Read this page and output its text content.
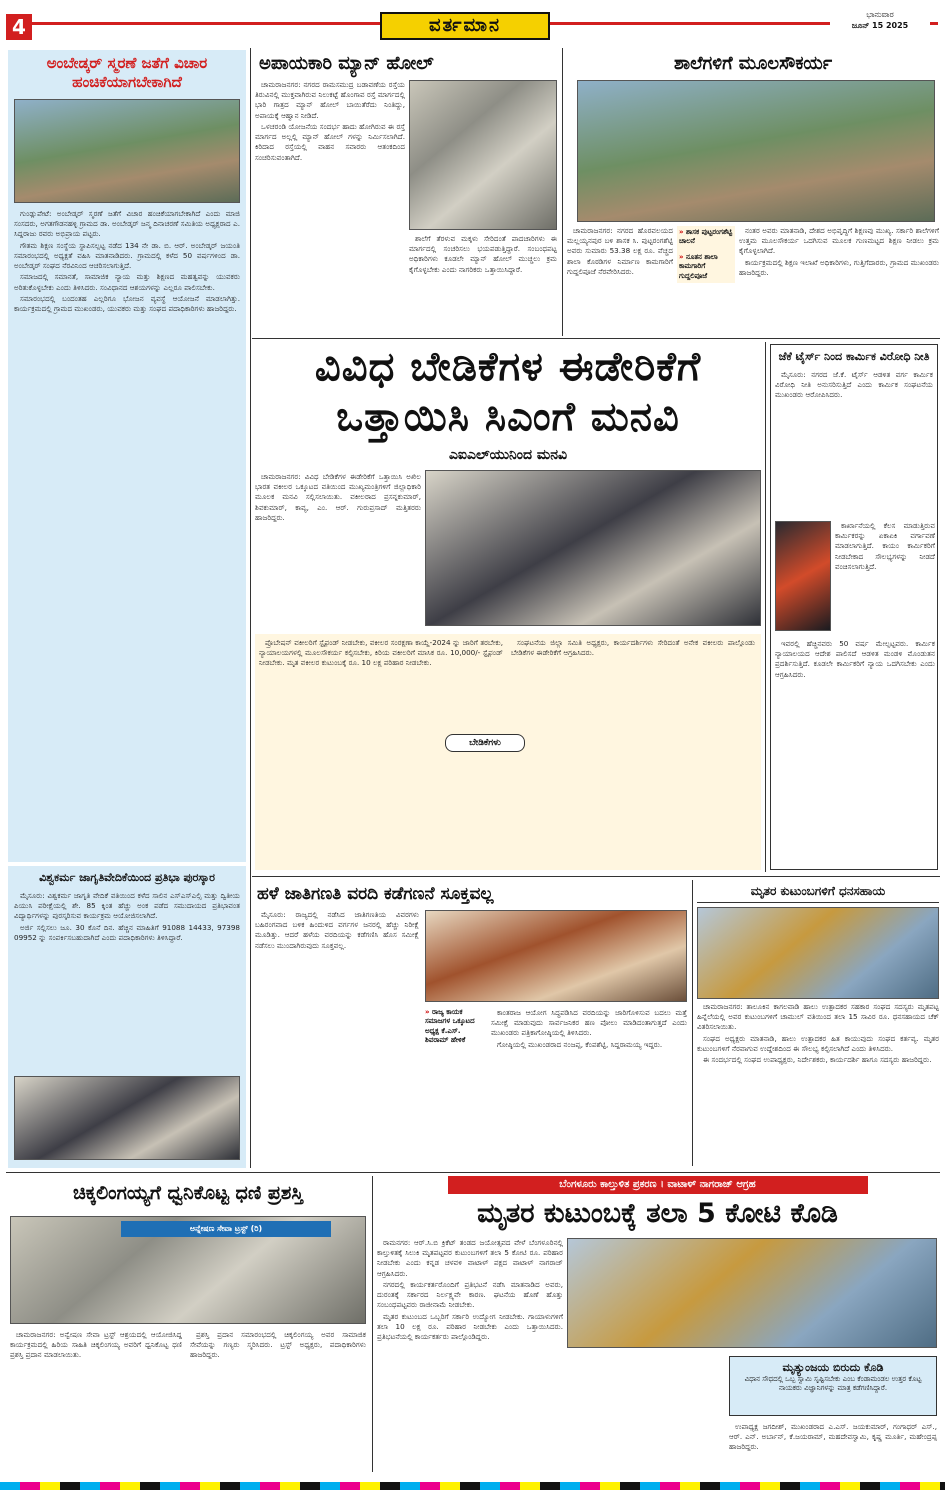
4	ವರ್ತಮಾನ
ಭಾನುವಾರ
ಜೂನ್ 15 2025
ಅಂಬೇಡ್ಕರ್ ಸ್ಮರಣೆ ಜತೆಗೆ ವಿಚಾರ ಹಂಚಿಕೆಯಾಗಬೇಕಾಗಿದೆ

ಗುಂಡ್ಲುಪೇಟೆ: ಅಂಬೇಡ್ಕರ್ ಸ್ಮರಣೆ ಜತೆಗೆ ವಿಚಾರ ಹಂಚಿಕೆಯಾಗಬೇಕಾಗಿದೆ ಎಂದು ಮಾಜಿ ಸಂಸದರು, ಅಗತಗೌಡನಹಳ್ಳಿ ಗ್ರಾಮದ ಡಾ. ಅಂಬೇಡ್ಕರ್ ಜನ್ಮ ದಿನಾಚರಣೆ ಸಮಿತಿಯ ಅಧ್ಯಕ್ಷರಾದ ಎ. ಸಿದ್ದರಾಜು ರವರು ಅಭಿಪ್ರಾಯ ಪಟ್ಟರು.

ಗೌತಮ ಶಿಕ್ಷಣ ಸಂಸ್ಥೆಯ ಸ್ಥಾಪಿಸಲ್ಪಟ್ಟ ನಡೆದ 134 ನೇ ಡಾ. ಬಿ. ಆರ್. ಅಂಬೇಡ್ಕರ್ ಜಯಂತಿ ಸಮಾರಂಭದಲ್ಲಿ ಅಧ್ಯಕ್ಷತೆ ವಹಿಸಿ ಮಾತನಾಡಿದರು. ಗ್ರಾಮದಲ್ಲಿ ಕಳೆದ 50 ವರ್ಷಗಳಿಂದ ಡಾ. ಅಂಬೇಡ್ಕರ್ ಸಂಘದ ನೆರವಿನಿಂದ ಆಚರಿಸಲಾಗುತ್ತಿದೆ.

ಸಮಾಜದಲ್ಲಿ ಸಮಾನತೆ, ಸಾಮಾಜಿಕ ನ್ಯಾಯ ಮತ್ತು ಶಿಕ್ಷಣದ ಮಹತ್ವವನ್ನು ಯುವಕರು ಅರಿತುಕೊಳ್ಳಬೇಕು ಎಂದು ತಿಳಿಸಿದರು. ಸಂವಿಧಾನದ ಆಶಯಗಳನ್ನು ಎಲ್ಲರೂ ಪಾಲಿಸಬೇಕು.

ಸಮಾರಂಭದಲ್ಲಿ ಬಂದಂತಹ ಎಲ್ಲರಿಗೂ ಭೋಜನ ವ್ಯವಸ್ಥೆ ಆಯೋಜನೆ ಮಾಡಲಾಗಿತ್ತು. ಕಾರ್ಯಕ್ರಮದಲ್ಲಿ ಗ್ರಾಮದ ಮುಖಂಡರು, ಯುವಕರು ಮತ್ತು ಸಂಘದ ಪದಾಧಿಕಾರಿಗಳು ಹಾಜರಿದ್ದರು.

ವಿಶ್ವಕರ್ಮ ಜಾಗೃತಿವೇದಿಕೆಯಿಂದ ಪ್ರತಿಭಾ ಪುರಸ್ಕಾರ

ಮೈಸೂರು: ವಿಶ್ವಕರ್ಮ ಜಾಗೃತಿ ವೇದಿಕೆ ವತಿಯಿಂದ ಕಳೆದ ಸಾಲಿನ ಎಸ್ಎಸ್ಎಲ್ಸಿ ಮತ್ತು ದ್ವಿತೀಯ ಪಿಯುಸಿ ಪರೀಕ್ಷೆಯಲ್ಲಿ ಶೇ. 85 ಕ್ಕಿಂತ ಹೆಚ್ಚು ಅಂಕ ಪಡೆದ ಸಮುದಾಯದ ಪ್ರತಿಭಾವಂತ ವಿದ್ಯಾರ್ಥಿಗಳನ್ನು ಪುರಸ್ಕರಿಸುವ ಕಾರ್ಯಕ್ರಮ ಆಯೋಜಿಸಲಾಗಿದೆ.

ಅರ್ಜಿ ಸಲ್ಲಿಸಲು ಜೂ. 30 ಕೊನೆ ದಿನ. ಹೆಚ್ಚಿನ ಮಾಹಿತಿಗೆ 91088 14433, 97398 09952 ನ್ನು ಸಂಪರ್ಕಿಸಬಹುದಾಗಿದೆ ಎಂದು ಪದಾಧಿಕಾರಿಗಳು ತಿಳಿಸಿದ್ದಾರೆ.

ಅಪಾಯಕಾರಿ ಮ್ಯಾನ್ ಹೋಲ್

ಚಾಮರಾಜನಗರ: ನಗರದ ರಾಮಸಮುದ್ರ ಬಡಾವಣೆಯ ರಸ್ತೆಯ ತಿರುವಿನಲ್ಲಿ ಮುಕ್ತವಾಗಿರುವ ನಿಲುಕಟ್ಟೆ ಹೊಂಗಾವ ರಸ್ತೆ ಮಾರ್ಗದಲ್ಲಿ ಭಾರಿ ಗಾತ್ರದ ಮ್ಯಾನ್ ಹೋಲ್ ಬಾಯಿತೆರೆದು ನಿಂತಿದ್ದು, ಅಪಾಯಕ್ಕೆ ಆಹ್ವಾನ ನೀಡಿದೆ.

ಒಳಚರಂಡಿ ಯೋಜನೆಯ ಸಂದರ್ಭ ಹಾದು ಹೋಗಿರುವ ಈ ರಸ್ತೆ ಮಾರ್ಗದ ಅಲ್ಲಲ್ಲಿ ಮ್ಯಾನ್ ಹೋಲ್ ಗಳನ್ನು ನಿರ್ಮಿಸಲಾಗಿದೆ. ಕಿರಿದಾದ ರಸ್ತೆಯಲ್ಲಿ ವಾಹನ ಸವಾರರು ಆತಂಕದಿಂದ ಸಂಚರಿಸುವಂತಾಗಿದೆ.

ಶಾಲೆಗೆ ತೆರಳುವ ಮಕ್ಕಳು ಸೇರಿದಂತೆ ಪಾದಚಾರಿಗಳು ಈ ಮಾರ್ಗದಲ್ಲಿ ಸಂಚರಿಸಲು ಭಯಪಡುತ್ತಿದ್ದಾರೆ. ಸಂಬಂಧಪಟ್ಟ ಅಧಿಕಾರಿಗಳು ಕೂಡಲೇ ಮ್ಯಾನ್ ಹೋಲ್ ಮುಚ್ಚಲು ಕ್ರಮ ಕೈಗೊಳ್ಳಬೇಕು ಎಂದು ನಾಗರಿಕರು ಒತ್ತಾಯಿಸಿದ್ದಾರೆ.

ಶಾಲೆಗಳಿಗೆ ಮೂಲಸೌಕರ್ಯ

ಚಾಮರಾಜನಗರ: ನಗರದ ಹೊರವಲಯದ ಮಲ್ಲಯ್ಯನಪುರ ಬಳಿ ಶಾಸಕ ಸಿ. ಪುಟ್ಟರಂಗಶೆಟ್ಟಿ ಅವರು ಸುಮಾರು 53.38 ಲಕ್ಷ ರೂ. ವೆಚ್ಚದ ಶಾಲಾ ಕೊಠಡಿಗಳ ನಿರ್ಮಾಣ ಕಾಮಗಾರಿಗೆ ಗುದ್ದಲಿಪೂಜೆ ನೆರವೇರಿಸಿದರು.

» ಶಾಸಕ ಪುಟ್ಟರಂಗಶೆಟ್ಟಿ ಚಾಲನೆ
» ನೂತನ ಶಾಲಾ ಕಾಮಗಾರಿಗೆ ಗುದ್ದಲಿಪೂಜೆ

ನಂತರ ಅವರು ಮಾತನಾಡಿ, ದೇಶದ ಅಭಿವೃದ್ಧಿಗೆ ಶಿಕ್ಷಣವು ಮುಖ್ಯ. ಸರ್ಕಾರಿ ಶಾಲೆಗಳಿಗೆ ಉತ್ತಮ ಮೂಲಸೌಕರ್ಯ ಒದಗಿಸುವ ಮೂಲಕ ಗುಣಮಟ್ಟದ ಶಿಕ್ಷಣ ನೀಡಲು ಕ್ರಮ ಕೈಗೊಳ್ಳಲಾಗಿದೆ.

ಕಾರ್ಯಕ್ರಮದಲ್ಲಿ ಶಿಕ್ಷಣ ಇಲಾಖೆ ಅಧಿಕಾರಿಗಳು, ಗುತ್ತಿಗೆದಾರರು, ಗ್ರಾಮದ ಮುಖಂಡರು ಹಾಜರಿದ್ದರು.

ವಿವಿಧ ಬೇಡಿಕೆಗಳ ಈಡೇರಿಕೆಗೆ
ಒತ್ತಾಯಿಸಿ ಸಿಎಂಗೆ ಮನವಿ
ಎಐಎಲ್‌ಯುನಿಂದ ಮನವಿ

ಚಾಮರಾಜನಗರ: ವಿವಿಧ ಬೇಡಿಕೆಗಳ ಈಡೇರಿಕೆಗೆ ಒತ್ತಾಯಿಸಿ ಅಖಿಲ ಭಾರತ ವಕೀಲರ ಒಕ್ಕೂಟದ ವತಿಯಿಂದ ಮುಖ್ಯಮಂತ್ರಿಗಳಿಗೆ ಜಿಲ್ಲಾಧಿಕಾರಿ ಮೂಲಕ ಮನವಿ ಸಲ್ಲಿಸಲಾಯಿತು. ವಕೀಲರಾದ ಪ್ರಸನ್ನಕುಮಾರ್, ಶಿವಕುಮಾರ್, ಕಾವ್ಯ, ಎಂ. ಆರ್. ಗುರುಪ್ರಸಾದ್ ಮತ್ತಿತರರು ಹಾಜರಿದ್ದರು.

ಪ್ರೊಬೇಷನ್ ವಕೀಲರಿಗೆ ಸ್ಟೈಫಂಡ್ ನೀಡಬೇಕು, ವಕೀಲರ ಸಂರಕ್ಷಣಾ ಕಾಯ್ದೆ-2024 ನ್ನು ಜಾರಿಗೆ ತರಬೇಕು, ನ್ಯಾಯಾಲಯಗಳಲ್ಲಿ ಮೂಲಸೌಕರ್ಯ ಕಲ್ಪಿಸಬೇಕು, ಕಿರಿಯ ವಕೀಲರಿಗೆ ಮಾಸಿಕ ರೂ. 10,000/- ಸ್ಟೈಫಂಡ್ ನೀಡಬೇಕು. ಮೃತ ವಕೀಲರ ಕುಟುಂಬಕ್ಕೆ ರೂ. 10 ಲಕ್ಷ ಪರಿಹಾರ ನೀಡಬೇಕು.

ಬೇಡಿಕೆಗಳು

ಸಂಘಟನೆಯ ಜಿಲ್ಲಾ ಸಮಿತಿ ಅಧ್ಯಕ್ಷರು, ಕಾರ್ಯದರ್ಶಿಗಳು ಸೇರಿದಂತೆ ಅನೇಕ ವಕೀಲರು ಪಾಲ್ಗೊಂಡು ಬೇಡಿಕೆಗಳ ಈಡೇರಿಕೆಗೆ ಆಗ್ರಹಿಸಿದರು.

ಜೆಕೆ ಟೈರ್ಸ್ ನಿಂದ ಕಾರ್ಮಿಕ ವಿರೋಧಿ ನೀತಿ

ಮೈಸೂರು: ನಗರದ ಜೆ.ಕೆ. ಟೈರ್ಸ್ ಆಡಳಿತ ವರ್ಗ ಕಾರ್ಮಿಕ ವಿರೋಧಿ ನೀತಿ ಅನುಸರಿಸುತ್ತಿದೆ ಎಂದು ಕಾರ್ಮಿಕ ಸಂಘಟನೆಯ ಮುಖಂಡರು ಆರೋಪಿಸಿದರು.

ಕಾರ್ಖಾನೆಯಲ್ಲಿ ಕೆಲಸ ಮಾಡುತ್ತಿರುವ ಕಾರ್ಮಿಕರನ್ನು ಏಕಾಏಕಿ ವರ್ಗಾವಣೆ ಮಾಡಲಾಗುತ್ತಿದೆ. ಕಾಯಂ ಕಾರ್ಮಿಕರಿಗೆ ನೀಡಬೇಕಾದ ಸೌಲಭ್ಯಗಳನ್ನು ನೀಡದೆ ವಂಚಿಸಲಾಗುತ್ತಿದೆ.

ಇವರಲ್ಲಿ ಹೆಚ್ಚಿನವರು 50 ವರ್ಷ ಮೇಲ್ಪಟ್ಟವರು. ಕಾರ್ಮಿಕ ನ್ಯಾಯಾಲಯದ ಆದೇಶ ಪಾಲಿಸದೆ ಆಡಳಿತ ಮಂಡಳಿ ಮೊಂಡುತನ ಪ್ರದರ್ಶಿಸುತ್ತಿದೆ. ಕೂಡಲೇ ಕಾರ್ಮಿಕರಿಗೆ ನ್ಯಾಯ ಒದಗಿಸಬೇಕು ಎಂದು ಆಗ್ರಹಿಸಿದರು.

ಹಳೆ ಜಾತಿಗಣತಿ ವರದಿ ಕಡೆಗಣನೆ ಸೂಕ್ತವಲ್ಲ

ಮೈಸೂರು: ರಾಜ್ಯದಲ್ಲಿ ನಡೆಸಿದ ಜಾತಿಗಣತಿಯ ವಿವರಗಳು ಬಹಿರಂಗವಾದ ಬಳಿಕ ಹಿಂದುಳಿದ ವರ್ಗಗಳ ಜನರಲ್ಲಿ ಹೆಚ್ಚು ನಿರೀಕ್ಷೆ ಮೂಡಿತ್ತು. ಆದರೆ ಹಳೆಯ ವರದಿಯನ್ನು ಕಡೆಗಣಿಸಿ ಹೊಸ ಸಮೀಕ್ಷೆ ನಡೆಸಲು ಮುಂದಾಗಿರುವುದು ಸೂಕ್ತವಲ್ಲ.

» ರಾಜ್ಯ ಕಾಯಕ ಸಮಾಜಗಳ ಒಕ್ಕೂಟದ ಅಧ್ಯಕ್ಷ ಕೆ.ಎಸ್. ಶಿವರಾಮ್ ಹೇಳಿಕೆ

ಕಾಂತರಾಜ ಆಯೋಗ ಸಿದ್ಧಪಡಿಸಿದ ವರದಿಯನ್ನು ಜಾರಿಗೊಳಿಸುವ ಬದಲು ಮತ್ತೆ ಸಮೀಕ್ಷೆ ಮಾಡುವುದು ಸಾರ್ವಜನಿಕರ ಹಣ ಪೋಲು ಮಾಡಿದಂತಾಗುತ್ತದೆ ಎಂದು ಮುಖಂಡರು ಪತ್ರಿಕಾಗೋಷ್ಠಿಯಲ್ಲಿ ತಿಳಿಸಿದರು.

ಗೋಷ್ಠಿಯಲ್ಲಿ ಮುಖಂಡರಾದ ನಂಜಪ್ಪ, ಕೆಂಪಶೆಟ್ಟಿ, ಸಿದ್ದರಾಮಯ್ಯ ಇದ್ದರು.

ಮೃತರ ಕುಟುಂಬಗಳಿಗೆ ಧನಸಹಾಯ

ಚಾಮರಾಜನಗರ: ತಾಲೂಕಿನ ಕಾಗಲವಾಡಿ ಹಾಲು ಉತ್ಪಾದಕರ ಸಹಕಾರ ಸಂಘದ ಸದಸ್ಯರು ಮೃತಪಟ್ಟ ಹಿನ್ನೆಲೆಯಲ್ಲಿ ಅವರ ಕುಟುಂಬಗಳಿಗೆ ಚಾಮುಲ್ ವತಿಯಿಂದ ತಲಾ 15 ಸಾವಿರ ರೂ. ಧನಸಹಾಯದ ಚೆಕ್ ವಿತರಿಸಲಾಯಿತು.

ಸಂಘದ ಅಧ್ಯಕ್ಷರು ಮಾತನಾಡಿ, ಹಾಲು ಉತ್ಪಾದಕರ ಹಿತ ಕಾಯುವುದು ಸಂಘದ ಕರ್ತವ್ಯ. ಮೃತರ ಕುಟುಂಬಗಳಿಗೆ ನೆರವಾಗುವ ಉದ್ದೇಶದಿಂದ ಈ ಸೌಲಭ್ಯ ಕಲ್ಪಿಸಲಾಗಿದೆ ಎಂದು ತಿಳಿಸಿದರು.

ಈ ಸಂದರ್ಭದಲ್ಲಿ ಸಂಘದ ಉಪಾಧ್ಯಕ್ಷರು, ನಿರ್ದೇಶಕರು, ಕಾರ್ಯದರ್ಶಿ ಹಾಗೂ ಸದಸ್ಯರು ಹಾಜರಿದ್ದರು.

ಚಿಕ್ಕಲಿಂಗಯ್ಯಗೆ ಧ್ವನಿಕೊಟ್ಟ ಧಣಿ ಪ್ರಶಸ್ತಿ
ಅನ್ನೇಷಣ ಸೇವಾ ಟ್ರಸ್ಟ್ (ರಿ)

ಚಾಮರಾಜನಗರ: ಅನ್ವೇಷಣ ಸೇವಾ ಟ್ರಸ್ಟ್ ಆಶ್ರಯದಲ್ಲಿ ಆಯೋಜಿಸಿದ್ದ ಕಾರ್ಯಕ್ರಮದಲ್ಲಿ ಹಿರಿಯ ಸಾಹಿತಿ ಚಿಕ್ಕಲಿಂಗಯ್ಯ ಅವರಿಗೆ ಧ್ವನಿಕೊಟ್ಟ ಧಣಿ ಪ್ರಶಸ್ತಿ ಪ್ರದಾನ ಮಾಡಲಾಯಿತು.

ಪ್ರಶಸ್ತಿ ಪ್ರದಾನ ಸಮಾರಂಭದಲ್ಲಿ ಚಿಕ್ಕಲಿಂಗಯ್ಯ ಅವರ ಸಾಮಾಜಿಕ ಸೇವೆಯನ್ನು ಗಣ್ಯರು ಸ್ಮರಿಸಿದರು. ಟ್ರಸ್ಟ್ ಅಧ್ಯಕ್ಷರು, ಪದಾಧಿಕಾರಿಗಳು ಹಾಜರಿದ್ದರು.

ಬೆಂಗಳೂರು ಕಾಲ್ತುಳಿತ ಪ್ರಕರಣ । ವಾಟಾಳ್ ನಾಗರಾಜ್ ಆಗ್ರಹ
ಮೃತರ ಕುಟುಂಬಕ್ಕೆ ತಲಾ 5 ಕೋಟಿ ಕೊಡಿ

ರಾಮನಗರ: ಆರ್.ಸಿ.ಬಿ ಕ್ರಿಕೆಟ್ ತಂಡದ ಜಯೋತ್ಸವದ ವೇಳೆ ಬೆಂಗಳೂರಿನಲ್ಲಿ ಕಾಲ್ತುಳಿತಕ್ಕೆ ಸಿಲುಕಿ ಮೃತಪಟ್ಟವರ ಕುಟುಂಬಗಳಿಗೆ ತಲಾ 5 ಕೋಟಿ ರೂ. ಪರಿಹಾರ ನೀಡಬೇಕು ಎಂದು ಕನ್ನಡ ಚಳವಳಿ ವಾಟಾಳ್ ಪಕ್ಷದ ವಾಟಾಳ್ ನಾಗರಾಜ್ ಆಗ್ರಹಿಸಿದರು.

ನಗರದಲ್ಲಿ ಕಾರ್ಯಕರ್ತರೊಂದಿಗೆ ಪ್ರತಿಭಟನೆ ನಡೆಸಿ ಮಾತನಾಡಿದ ಅವರು, ದುರಂತಕ್ಕೆ ಸರ್ಕಾರದ ನಿರ್ಲಕ್ಷ್ಯವೇ ಕಾರಣ. ಘಟನೆಯ ಹೊಣೆ ಹೊತ್ತು ಸಂಬಂಧಪಟ್ಟವರು ರಾಜೀನಾಮೆ ನೀಡಬೇಕು.

ಮೃತರ ಕುಟುಂಬದ ಒಬ್ಬರಿಗೆ ಸರ್ಕಾರಿ ಉದ್ಯೋಗ ನೀಡಬೇಕು. ಗಾಯಾಳುಗಳಿಗೆ ತಲಾ 10 ಲಕ್ಷ ರೂ. ಪರಿಹಾರ ನೀಡಬೇಕು ಎಂದು ಒತ್ತಾಯಿಸಿದರು. ಪ್ರತಿಭಟನೆಯಲ್ಲಿ ಕಾರ್ಯಕರ್ತರು ಪಾಲ್ಗೊಂಡಿದ್ದರು.

ಮೃತ್ಯುಂಜಯ ಬಿರುದು ಕೊಡಿ
ವಿಧಾನ ಸೌಧದಲ್ಲಿ ಒಬ್ಬ ಸ್ವಾಮಿ ಸೃಷ್ಟಿಸಬೇಕು ಎಂಬ ಕೆಂಡಾಮಂಡಲ ಉತ್ತರ ಕೊಟ್ಟ ನಾಯಕರು ವಿಜ್ಞಾನಿಗಳನ್ನು ಮಾತ್ರ ಕಡೆಗಣಿಸಿದ್ದಾರೆ.

ಉಪಾಧ್ಯಕ್ಷ ಜಗದೀಶ್, ಮುಖಂಡರಾದ ಎ.ಎಸ್. ಜಯಕುಮಾರ್, ಗಂಗಾಧರ್ ಎಸ್., ಆರ್. ಎನ್. ಅರ್ಬಾನ್, ಕೆ.ಜಯರಾಮ್, ಮಹದೇವಸ್ವಾಮಿ, ಕೃಷ್ಣ ಮೂರ್ತಿ, ಮಹೇಂದ್ರಪ್ಪ ಹಾಜರಿದ್ದರು.
